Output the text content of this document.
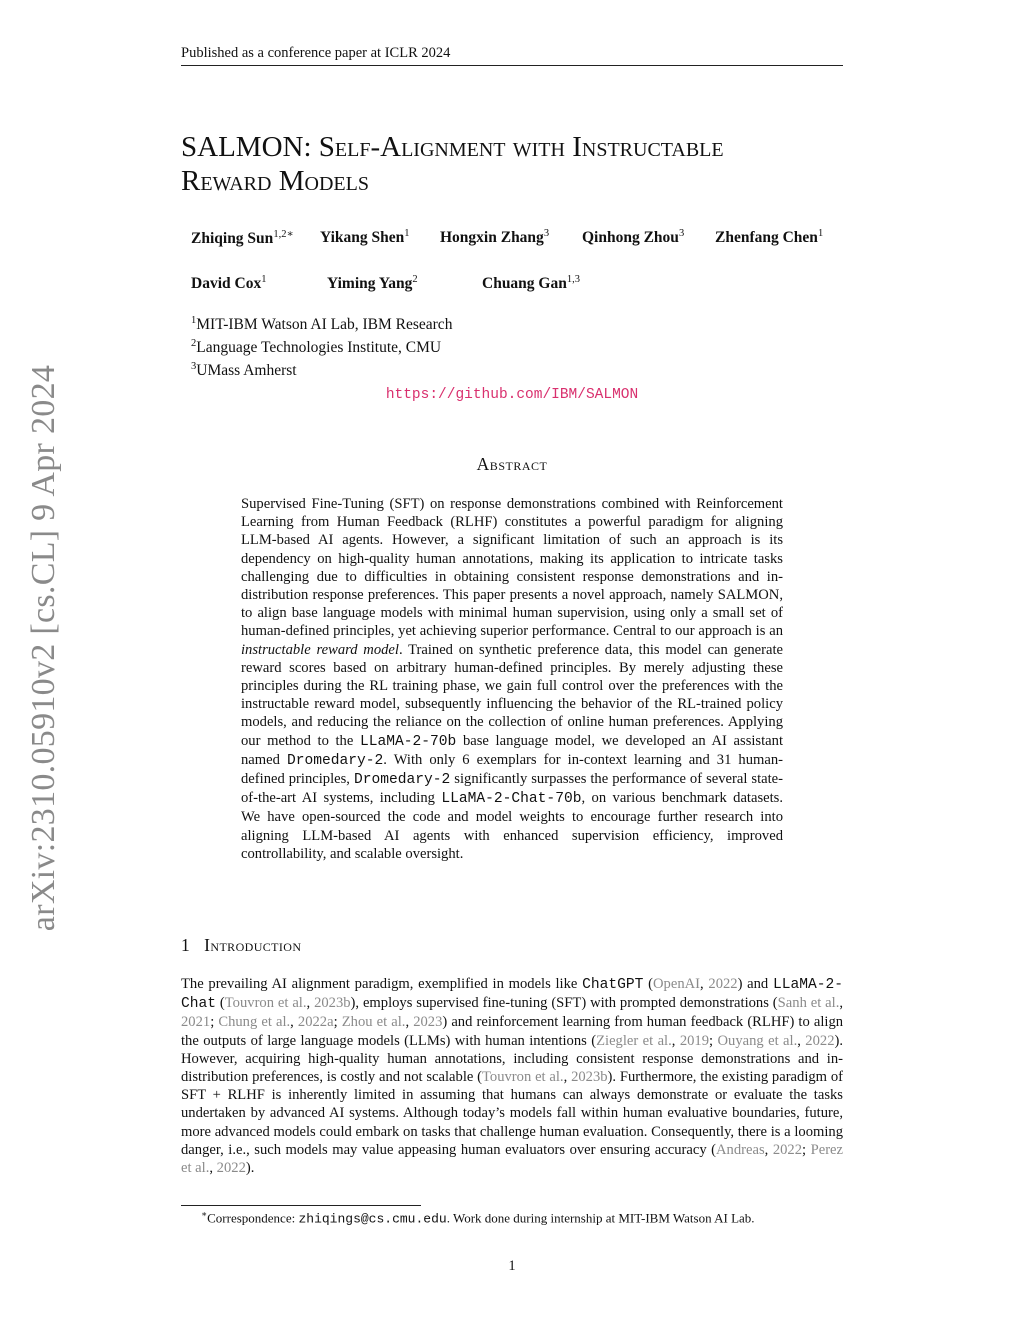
Published as a conference paper at ICLR 2024
arXiv:2310.05910v2 [cs.CL] 9 Apr 2024
SALMON: Self-Alignment with Instructable
Reward Models
Zhiqing Sun$^{1,2∗}$ Yikang Shen$^1$ Hongxin Zhang$^3$ Qinhong Zhou$^3$ Zhenfang Chen$^1$
David Cox$^1$	Yiming Yang$^2$	Chuang Gan$^{1,3}$
$^1$MIT-IBM Watson AI Lab, IBM Research
$^2$Language Technologies Institute, CMU
$^3$UMass Amherst
https://github.com/IBM/SALMON
Abstract
Supervised Fine-Tuning (SFT) on response demonstrations combined with Reinforcement Learning from Human Feedback (RLHF) constitutes a powerful paradigm for aligning LLM-based AI agents. However, a significant limitation of such an approach is its dependency on high-quality human annotations, making its application to intricate tasks challenging due to difficulties in obtaining consistent response demonstrations and in-distribution response preferences. This paper presents a novel approach, namely SALMON, to align base language models with minimal human supervision, using only a small set of human-defined principles, yet achieving superior performance. Central to our approach is an instructable reward model. Trained on synthetic preference data, this model can generate reward scores based on arbitrary human-defined principles. By merely adjusting these principles during the RL training phase, we gain full control over the preferences with the instructable reward model, subsequently influencing the behavior of the RL-trained policy models, and reducing the reliance on the collection of online human preferences. Applying our method to the LLaMA-2-70b base language model, we developed an AI assistant named Dromedary-2. With only 6 exemplars for in-context learning and 31 human-defined principles, Dromedary-2 significantly surpasses the performance of several state-of-the-art AI systems, including LLaMA-2-Chat-70b, on various benchmark datasets. We have open-sourced the code and model weights to encourage further research into aligning LLM-based AI agents with enhanced supervision efficiency, improved controllability, and scalable oversight.
1 Introduction
The prevailing AI alignment paradigm, exemplified in models like ChatGPT (OpenAI, 2022) and LLaMA-2-Chat (Touvron et al., 2023b), employs supervised fine-tuning (SFT) with prompted demonstrations (Sanh et al., 2021; Chung et al., 2022a; Zhou et al., 2023) and reinforcement learning from human feedback (RLHF) to align the outputs of large language models (LLMs) with human intentions (Ziegler et al., 2019; Ouyang et al., 2022). However, acquiring high-quality human annotations, including consistent response demonstrations and in-distribution preferences, is costly and not scalable (Touvron et al., 2023b). Furthermore, the existing paradigm of SFT + RLHF is inherently limited in assuming that humans can always demonstrate or evaluate the tasks undertaken by advanced AI systems. Although today’s models fall within human evaluative boundaries, future, more advanced models could embark on tasks that challenge human evaluation. Consequently, there is a looming danger, i.e., such models may value appeasing human evaluators over ensuring accuracy (Andreas, 2022; Perez et al., 2022).
∗Correspondence: zhiqings@cs.cmu.edu. Work done during internship at MIT-IBM Watson AI Lab.
1
